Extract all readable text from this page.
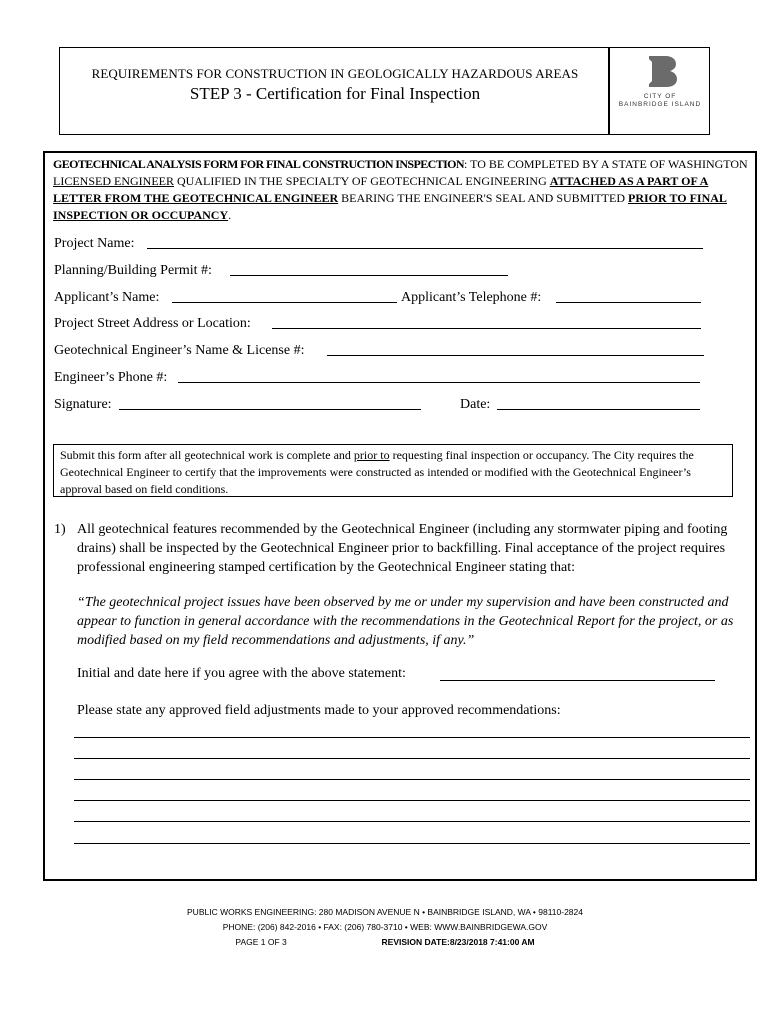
REQUIREMENTS FOR CONSTRUCTION IN GEOLOGICALLY HAZARDOUS AREAS
STEP 3 - Certification for Final Inspection
B
CITY OF
BAINBRIDGE ISLAND
GEOTECHNICAL ANALYSIS FORM FOR FINAL CONSTRUCTION INSPECTION: TO BE COMPLETED BY A STATE OF WASHINGTON LICENSED ENGINEER QUALIFIED IN THE SPECIALTY OF GEOTECHNICAL ENGINEERING ATTACHED AS A PART OF A LETTER FROM THE GEOTECHNICAL ENGINEER BEARING THE ENGINEER'S SEAL AND SUBMITTED PRIOR TO FINAL INSPECTION OR OCCUPANCY.
Project Name:
Planning/Building Permit #:
Applicant’s Name:	Applicant’s Telephone #:
Project Street Address or Location:
Geotechnical Engineer’s Name & License #:
Engineer’s Phone #:
Signature:	Date:
Submit this form after all geotechnical work is complete and prior to requesting final inspection or occupancy. The City requires the Geotechnical Engineer to certify that the improvements were constructed as intended or modified with the Geotechnical Engineer’s approval based on field conditions.
1) All geotechnical features recommended by the Geotechnical Engineer (including any stormwater piping and footing drains) shall be inspected by the Geotechnical Engineer prior to backfilling. Final acceptance of the project requires professional engineering stamped certification by the Geotechnical Engineer stating that:
“The geotechnical project issues have been observed by me or under my supervision and have been constructed and appear to function in general accordance with the recommendations in the Geotechnical Report for the project, or as modified based on my field recommendations and adjustments, if any.”
Initial and date here if you agree with the above statement:
Please state any approved field adjustments made to your approved recommendations:
PUBLIC WORKS ENGINEERING: 280 MADISON AVENUE N • BAINBRIDGE ISLAND, WA • 98110-2824
PHONE: (206) 842-2016 • FAX: (206) 780-3710 • WEB: WWW.BAINBRIDGEWA.GOV
PAGE 1 OF 3	REVISION DATE:8/23/2018 7:41:00 AM
